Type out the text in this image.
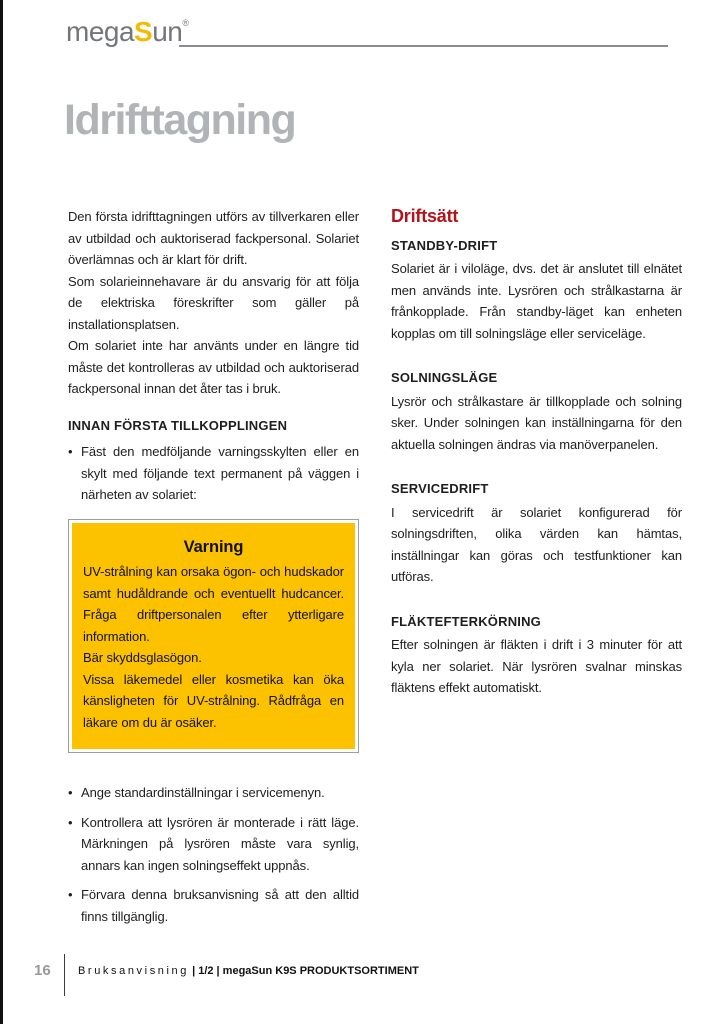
megaSun®
Idrifttagning

Den första idrifttagningen utförs av tillverkaren eller av utbildad och auktoriserad fackpersonal. Solariet överlämnas och är klart för drift.

Som solarieinnehavare är du ansvarig för att följa de elektriska föreskrifter som gäller på installationsplatsen.

Om solariet inte har använts under en längre tid måste det kontrolleras av utbildad och auktoriserad fackpersonal innan det åter tas i bruk.

INNAN FÖRSTA TILLKOPPLINGEN
• Fäst den medföljande varningsskylten eller en skylt med följande text permanent på väggen i närheten av solariet:
Varning

UV-strålning kan orsaka ögon- och hudskador samt hudåldrande och eventuellt hudcancer. Fråga driftpersonalen efter ytterligare information.

Bär skyddsglasögon.

Vissa läkemedel eller kosmetika kan öka känsligheten för UV-strålning. Rådfråga en läkare om du är osäker.

• Ange standardinställningar i servicemenyn.
• Kontrollera att lysrören är monterade i rätt läge. Märkningen på lysrören måste vara synlig, annars kan ingen solningseffekt uppnås.
• Förvara denna bruksanvisning så att den alltid finns tillgänglig.
Driftsätt
STANDBY-DRIFT

Solariet är i viloläge, dvs. det är anslutet till elnätet men används inte. Lysrören och strålkastarna är frånkopplade. Från standby-läget kan enheten kopplas om till solningsläge eller serviceläge.

SOLNINGSLÄGE

Lysrör och strålkastare är tillkopplade och solning sker. Under solningen kan inställningarna för den aktuella solningen ändras via manöverpanelen.

SERVICEDRIFT

I servicedrift är solariet konfigurerad för solningsdriften, olika värden kan hämtas, inställningar kan göras och testfunktioner kan utföras.

FLÄKTEFTERKÖRNING

Efter solningen är fläkten i drift i 3 minuter för att kyla ner solariet. När lysrören svalnar minskas fläktens effekt automatiskt.

16 Bruksanvisning | 1/2 | megaSun K9S PRODUKTSORTIMENT
